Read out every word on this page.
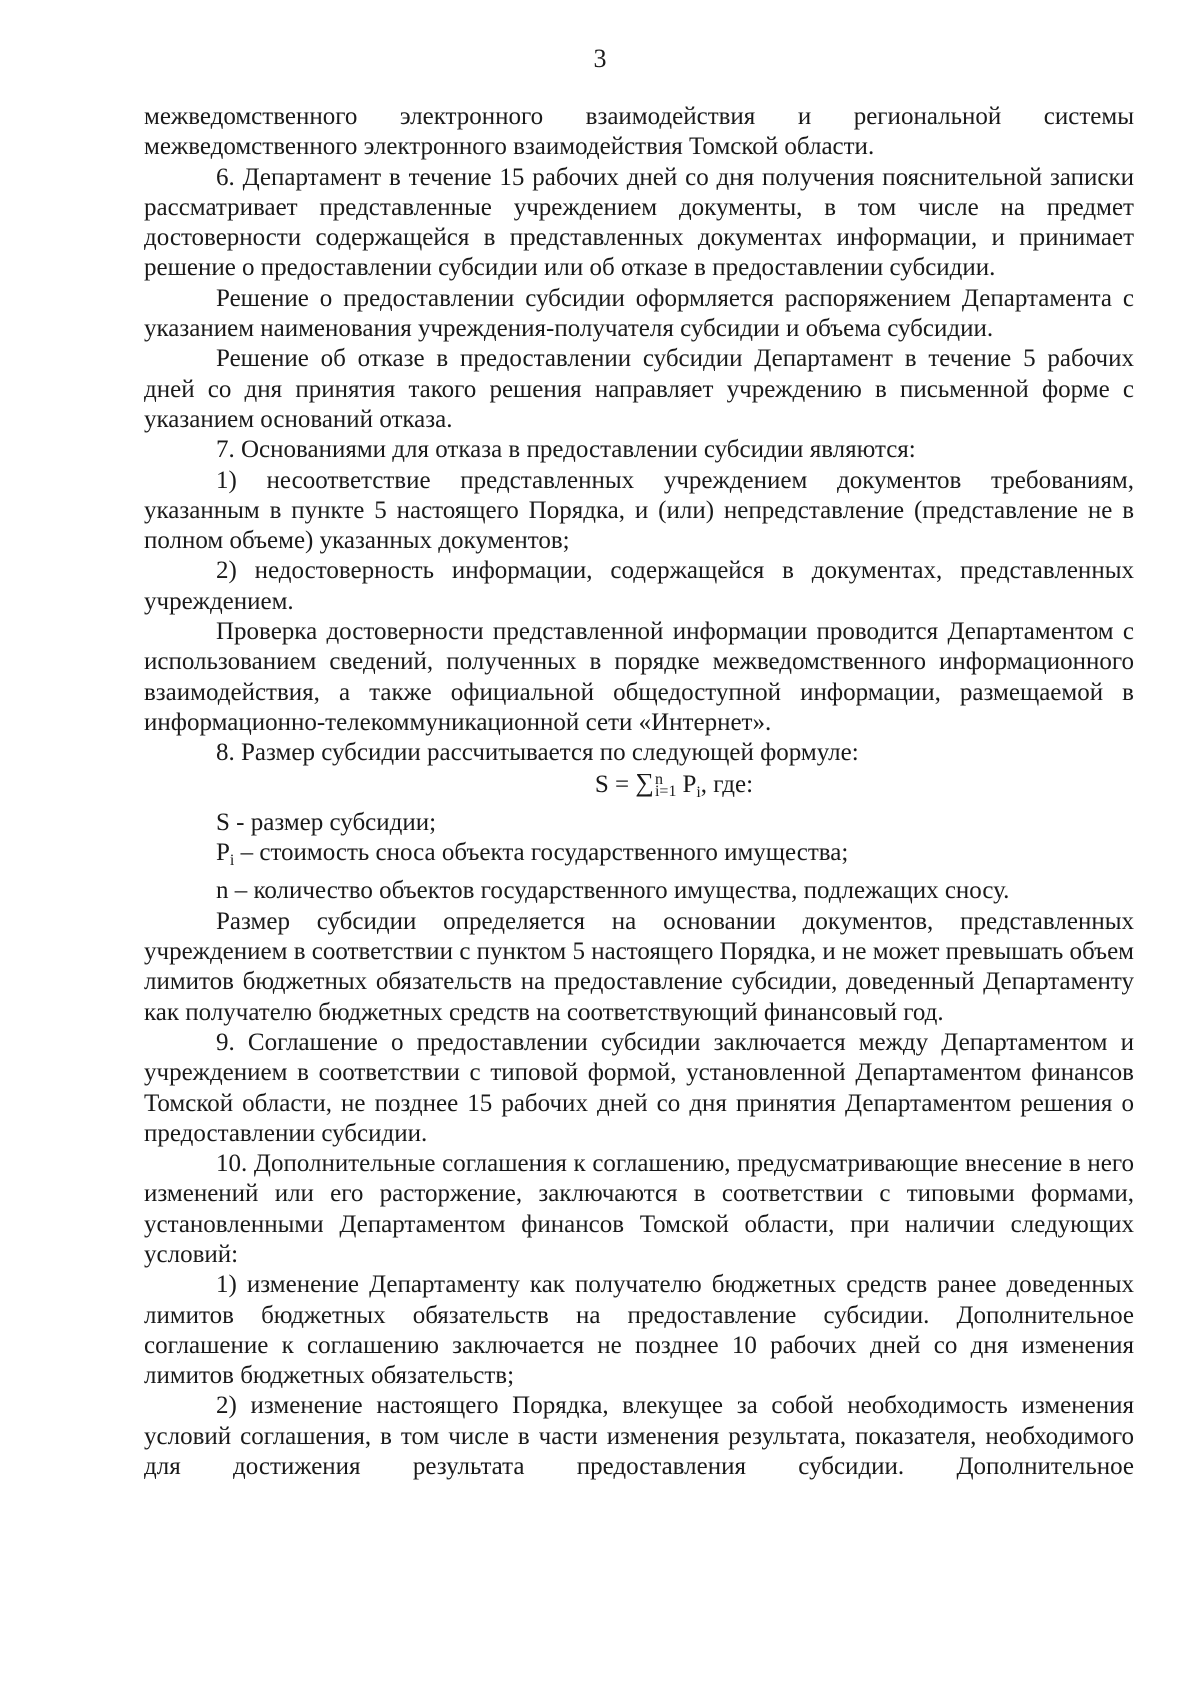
3

межведомственного электронного взаимодействия и региональной системы межведомственного электронного взаимодействия Томской области.

6. Департамент в течение 15 рабочих дней со дня получения пояснительной записки рассматривает представленные учреждением документы, в том числе на предмет достоверности содержащейся в представленных документах информации, и принимает решение о предоставлении субсидии или об отказе в предоставлении субсидии.

Решение о предоставлении субсидии оформляется распоряжением Департамента с указанием наименования учреждения-получателя субсидии и объема субсидии.

Решение об отказе в предоставлении субсидии Департамент в течение 5 рабочих дней со дня принятия такого решения направляет учреждению в письменной форме с указанием оснований отказа.

7. Основаниями для отказа в предоставлении субсидии являются:

1) несоответствие представленных учреждением документов требованиям, указанным в пункте 5 настоящего Порядка, и (или) непредставление (представление не в полном объеме) указанных документов;

2) недостоверность информации, содержащейся в документах, представленных учреждением.

Проверка достоверности представленной информации проводится Департаментом с использованием сведений, полученных в порядке межведомственного информационного взаимодействия, а также официальной общедоступной информации, размещаемой в информационно-телекоммуникационной сети «Интернет».

8. Размер субсидии рассчитывается по следующей формуле:

S = ∑ n
i=1 $P_i$, где:

S - размер субсидии;

$P_i$ – стоимость сноса объекта государственного имущества;

n – количество объектов государственного имущества, подлежащих сносу.

Размер субсидии определяется на основании документов, представленных учреждением в соответствии с пунктом 5 настоящего Порядка, и не может превышать объем лимитов бюджетных обязательств на предоставление субсидии, доведенный Департаменту как получателю бюджетных средств на соответствующий финансовый год.

9. Соглашение о предоставлении субсидии заключается между Департаментом и учреждением в соответствии с типовой формой, установленной Департаментом финансов Томской области, не позднее 15 рабочих дней со дня принятия Департаментом решения о предоставлении субсидии.

10. Дополнительные соглашения к соглашению, предусматривающие внесение в него изменений или его расторжение, заключаются в соответствии с типовыми формами, установленными Департаментом финансов Томской области, при наличии следующих условий:

1) изменение Департаменту как получателю бюджетных средств ранее доведенных лимитов бюджетных обязательств на предоставление субсидии. Дополнительное соглашение к соглашению заключается не позднее 10 рабочих дней со дня изменения лимитов бюджетных обязательств;

2) изменение настоящего Порядка, влекущее за собой необходимость изменения условий соглашения, в том числе в части изменения результата, показателя, необходимого для достижения результата предоставления субсидии. Дополнительное
